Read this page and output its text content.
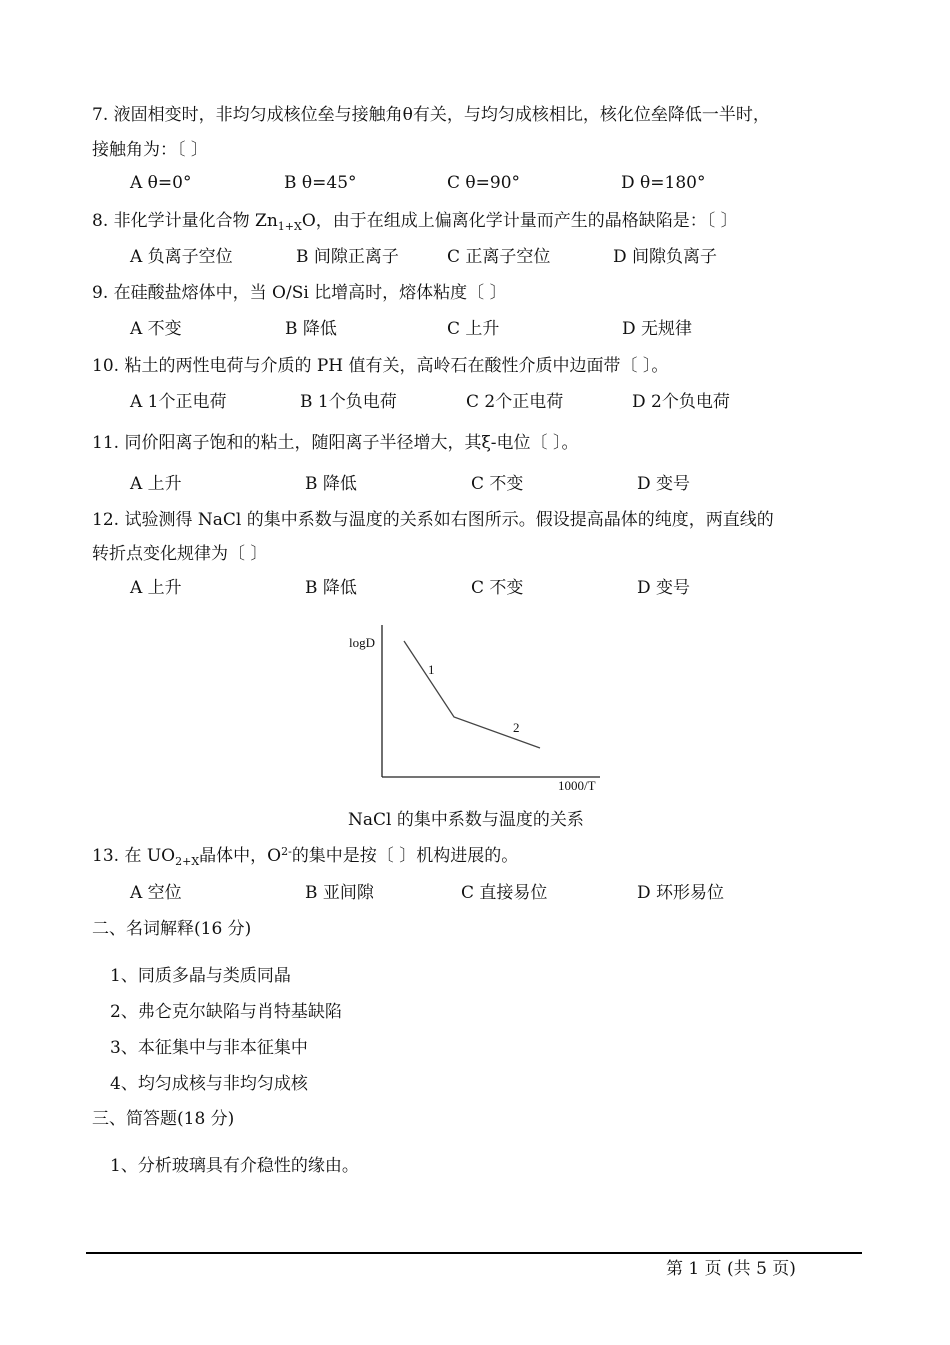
7. 液固相变时，非均匀成核位垒与接触角θ有关，与均匀成核相比，核化位垒降低一半时，
接触角为：〔 〕
A θ=0°	B θ=45°	C θ=90°	D θ=180°
8. 非化学计量化合物 $Zn_{1+X}O$，由于在组成上偏离化学计量而产生的晶格缺陷是：〔 〕
A 负离子空位	B 间隙正离子	C 正离子空位	D 间隙负离子
9. 在硅酸盐熔体中，当 O/Si 比增高时，熔体粘度〔 〕
A 不变	B 降低	C 上升	D 无规律
10. 粘土的两性电荷与介质的 PH 值有关，高岭石在酸性介质中边面带〔 〕。
A 1个正电荷	B 1个负电荷	C 2个正电荷	D 2个负电荷
11. 同价阳离子饱和的粘土，随阳离子半径增大，其ξ-电位〔 〕。
A 上升	B 降低	C 不变	D 变号
12. 试验测得 NaCl 的集中系数与温度的关系如右图所示。假设提高晶体的纯度，两直线的
转折点变化规律为〔 〕
A 上升	B 降低	C 不变	D 变号
logD
1000/T
1
2
NaCl 的集中系数与温度的关系
13. 在 $UO_{2+X}$晶体中，$O^{2-}$的集中是按〔 〕机构进展的。
A 空位	B 亚间隙	C 直接易位	D 环形易位
二、名词解释(16 分)
1、同质多晶与类质同晶
2、弗仑克尔缺陷与肖特基缺陷
3、本征集中与非本征集中
4、均匀成核与非均匀成核
三、简答题(18 分)
1、分析玻璃具有介稳性的缘由。
第 1 页 (共 5 页)
